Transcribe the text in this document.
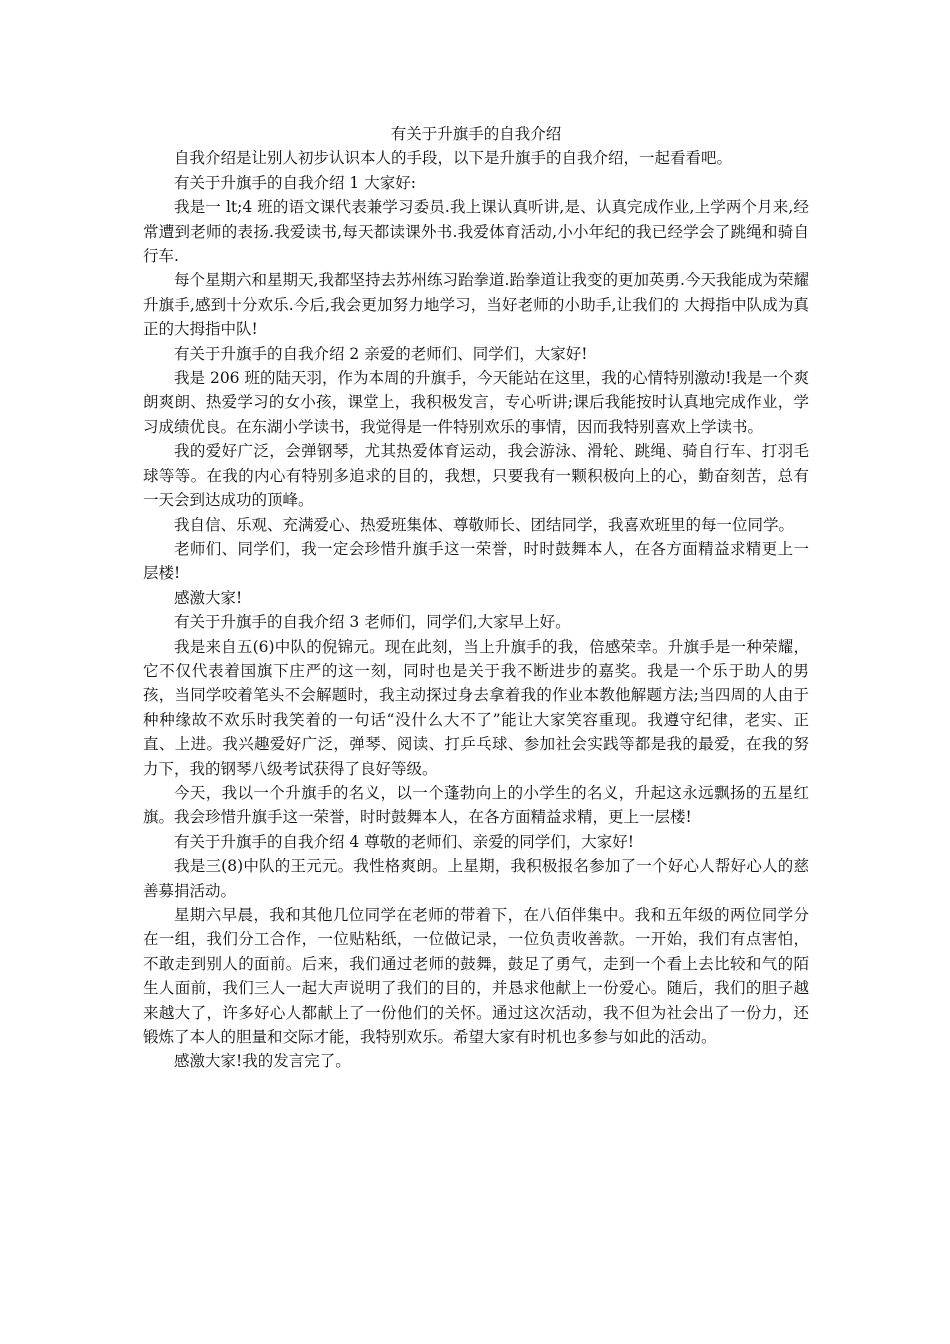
有关于升旗手的自我介绍

自我介绍是让别人初步认识本人的手段，以下是升旗手的自我介绍，一起看看吧。

有关于升旗手的自我介绍 1 大家好:

我是一 lt;4 班的语文课代表兼学习委员.我上课认真听讲,是、认真完成作业,上学两个月来,经常遭到老师的表扬.我爱读书,每天都读课外书.我爱体育活动,小小年纪的我已经学会了跳绳和骑自行车.

每个星期六和星期天,我都坚持去苏州练习跆拳道.跆拳道让我变的更加英勇.今天我能成为荣耀升旗手,感到十分欢乐.今后,我会更加努力地学习，当好老师的小助手,让我们的 大拇指中队成为真正的大拇指中队!

有关于升旗手的自我介绍 2 亲爱的老师们、同学们，大家好!

我是 206 班的陆天羽，作为本周的升旗手，今天能站在这里，我的心情特别激动!我是一个爽朗爽朗、热爱学习的女小孩，课堂上，我积极发言，专心听讲;课后我能按时认真地完成作业，学习成绩优良。在东湖小学读书，我觉得是一件特别欢乐的事情，因而我特别喜欢上学读书。

我的爱好广泛，会弹钢琴，尤其热爱体育运动，我会游泳、滑轮、跳绳、骑自行车、打羽毛球等等。在我的内心有特别多追求的目的，我想，只要我有一颗积极向上的心，勤奋刻苦，总有一天会到达成功的顶峰。

我自信、乐观、充满爱心、热爱班集体、尊敬师长、团结同学，我喜欢班里的每一位同学。

老师们、同学们，我一定会珍惜升旗手这一荣誉，时时鼓舞本人，在各方面精益求精更上一层楼!

感激大家!

有关于升旗手的自我介绍 3 老师们，同学们,大家早上好。

我是来自五(6)中队的倪锦元。现在此刻，当上升旗手的我，倍感荣幸。升旗手是一种荣耀，它不仅代表着国旗下庄严的这一刻，同时也是关于我不断进步的嘉奖。我是一个乐于助人的男孩，当同学咬着笔头不会解题时，我主动探过身去拿着我的作业本教他解题方法;当四周的人由于种种缘故不欢乐时我笑着的一句话“没什么大不了”能让大家笑容重现。我遵守纪律，老实、正直、上进。我兴趣爱好广泛，弹琴、阅读、打乒乓球、参加社会实践等都是我的最爱，在我的努力下，我的钢琴八级考试获得了良好等级。

今天，我以一个升旗手的名义，以一个蓬勃向上的小学生的名义，升起这永远飘扬的五星红旗。我会珍惜升旗手这一荣誉，时时鼓舞本人，在各方面精益求精，更上一层楼!

有关于升旗手的自我介绍 4 尊敬的老师们、亲爱的同学们，大家好!

我是三(8)中队的王元元。我性格爽朗。上星期，我积极报名参加了一个好心人帮好心人的慈善募捐活动。

星期六早晨，我和其他几位同学在老师的带着下，在八佰伴集中。我和五年级的两位同学分在一组，我们分工合作，一位贴粘纸，一位做记录，一位负责收善款。一开始，我们有点害怕，不敢走到别人的面前。后来，我们通过老师的鼓舞，鼓足了勇气，走到一个看上去比较和气的陌生人面前，我们三人一起大声说明了我们的目的，并恳求他献上一份爱心。随后，我们的胆子越来越大了，许多好心人都献上了一份他们的关怀。通过这次活动，我不但为社会出了一份力，还锻炼了本人的胆量和交际才能，我特别欢乐。希望大家有时机也多参与如此的活动。

感激大家!我的发言完了。
